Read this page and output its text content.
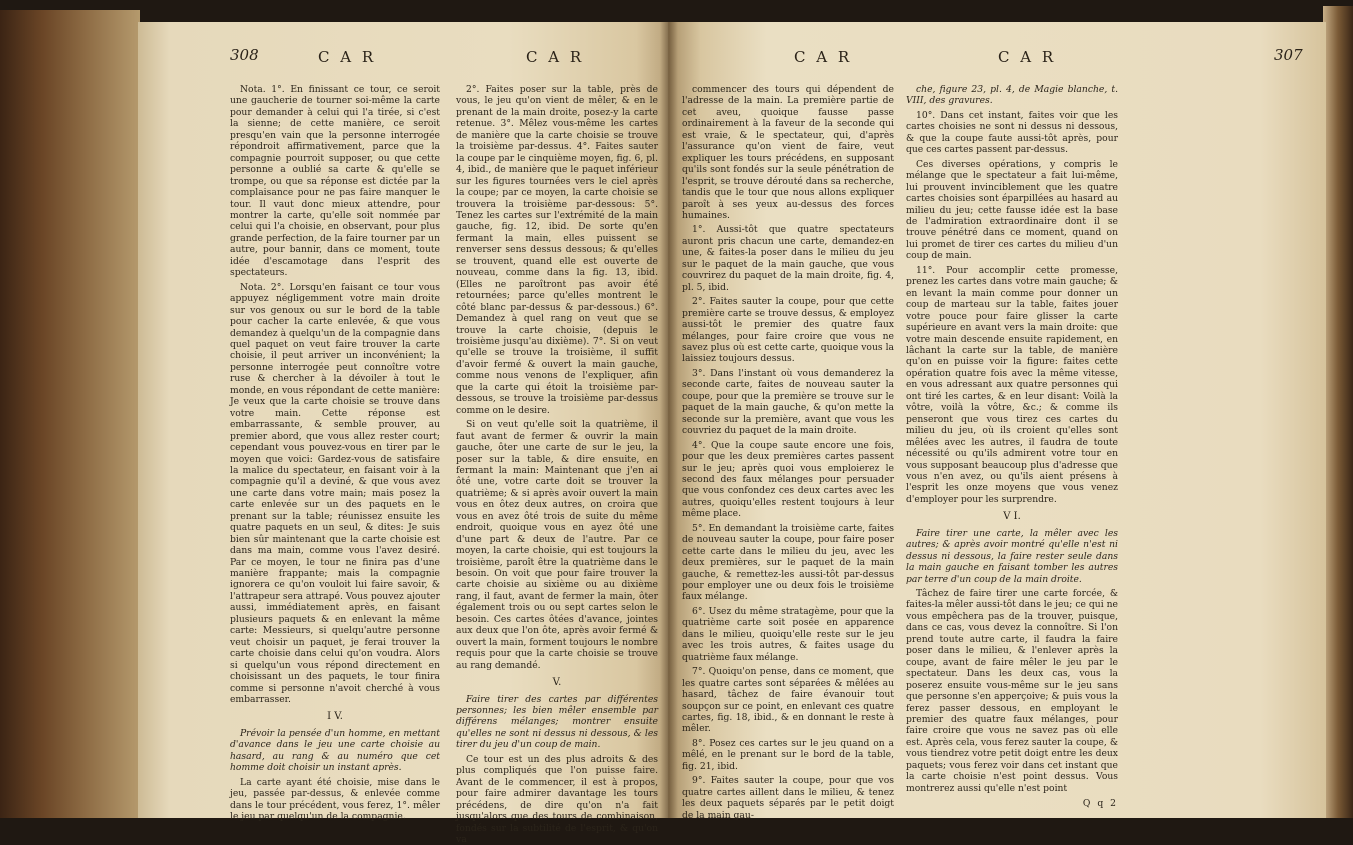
308	C A R	C A R

Nota. 1°. En finissant ce tour, ce seroit une gaucherie de tourner soi-même la carte pour demander à celui qui l'a tirée, si c'est la sienne; de cette manière, ce seroit presqu'en vain que la personne interrogée répondroit affirmativement, parce que la compagnie pourroit supposer, ou que cette personne a oublié sa carte & qu'elle se trompe, ou que sa réponse est dictée par la complaisance pour ne pas faire manquer le tour. Il vaut donc mieux attendre, pour montrer la carte, qu'elle soit nommée par celui qui l'a choisie, en observant, pour plus grande perfection, de la faire tourner par un autre, pour bannir, dans ce moment, toute idée d'escamotage dans l'esprit des spectateurs.

Nota. 2°. Lorsqu'en faisant ce tour vous appuyez négligemment votre main droite sur vos genoux ou sur le bord de la table pour cacher la carte enlevée, & que vous demandez à quelqu'un de la compagnie dans quel paquet on veut faire trouver la carte choisie, il peut arriver un inconvénient; la personne interrogée peut connoître votre ruse & chercher à la dévoiler à tout le monde, en vous répondant de cette manière: Je veux que la carte choisie se trouve dans votre main. Cette réponse est embarrassante, & semble prouver, au premier abord, que vous allez rester court; cependant vous pouvez-vous en tirer par le moyen que voici: Gardez-vous de satisfaire la malice du spectateur, en faisant voir à la compagnie qu'il a deviné, & que vous avez une carte dans votre main; mais posez la carte enlevée sur un des paquets en le prenant sur la table; réunissez ensuite les quatre paquets en un seul, & dites: Je suis bien sûr maintenant que la carte choisie est dans ma main, comme vous l'avez desiré. Par ce moyen, le tour ne finira pas d'une manière frappante; mais la compagnie ignorera ce qu'on vouloit lui faire savoir, & l'attrapeur sera attrapé. Vous pouvez ajouter aussi, immédiatement après, en faisant plusieurs paquets & en enlevant la même carte: Messieurs, si quelqu'autre personne veut choisir un paquet, je ferai trouver la carte choisie dans celui qu'on voudra. Alors si quelqu'un vous répond directement en choisissant un des paquets, le tour finira comme si personne n'avoit cherché à vous embarrasser.

I V.

Prévoir la pensée d'un homme, en mettant d'avance dans le jeu une carte choisie au hasard, au rang & au numéro que cet homme doit choisir un instant après.

La carte ayant été choisie, mise dans le jeu, passée par-dessus, & enlevée comme dans le tour précédent, vous ferez, 1°. mêler le jeu par quelqu'un de la compagnie.

2°. Faites poser sur la table, près de vous, le jeu qu'on vient de mêler, & en le prenant de la main droite, posez-y la carte retenue. 3°. Mêlez vous-même les cartes de manière que la carte choisie se trouve la troisième par-dessus. 4°. Faites sauter la coupe par le cinquième moyen, fig. 6, pl. 4, ibid., de manière que le paquet inférieur sur les figures tournées vers le ciel après la coupe; par ce moyen, la carte choisie se trouvera la troisième par-dessous: 5°. Tenez les cartes sur l'extrémité de la main gauche, fig. 12, ibid. De sorte qu'en fermant la main, elles puissent se renverser sens dessus dessous; & qu'elles se trouvent, quand elle est ouverte de nouveau, comme dans la fig. 13, ibid. (Elles ne paroîtront pas avoir été retournées; parce qu'elles montrent le côté blanc par-dessus & par-dessous.) 6°. Demandez à quel rang on veut que se trouve la carte choisie, (depuis le troisième jusqu'au dixième). 7°. Si on veut qu'elle se trouve la troisième, il suffit d'avoir fermé & ouvert la main gauche, comme nous venons de l'expliquer, afin que la carte qui étoit la troisième par-dessous, se trouve la troisième par-dessus comme on le desire.

Si on veut qu'elle soit la quatrième, il faut avant de fermer & ouvrir la main gauche, ôter une carte de sur le jeu, la poser sur la table, & dire ensuite, en fermant la main: Maintenant que j'en ai ôté une, votre carte doit se trouver la quatrième; & si après avoir ouvert la main vous en ôtez deux autres, on croira que vous en avez ôté trois de suite du même endroit, quoique vous en ayez ôté une d'une part & deux de l'autre. Par ce moyen, la carte choisie, qui est toujours la troisième, paroît être la quatrième dans le besoin. On voit que pour faire trouver la carte choisie au sixième ou au dixième rang, il faut, avant de fermer la main, ôter également trois ou ou sept cartes selon le besoin. Ces cartes ôtées d'avance, jointes aux deux que l'on ôte, après avoir fermé & ouvert la main, forment toujours le nombre requis pour que la carte choisie se trouve au rang demandé.

V.

Faire tirer des cartes par différentes personnes; les bien mêler ensemble par différens mélanges; montrer ensuite qu'elles ne sont ni dessus ni dessous, & les tirer du jeu d'un coup de main.

Ce tour est un des plus adroits & des plus compliqués que l'on puisse faire. Avant de le commencer, il est à propos, pour faire admirer davantage les tours précédens, de dire qu'on n'a fait jusqu'alors que des tours de combinaison, fondés sur la subtilité de l'esprit, & qu'on va

C A R	C A R	307

commencer des tours qui dépendent de l'adresse de la main. La première partie de cet aveu, quoique fausse passe ordinairement à la faveur de la seconde qui est vraie, & le spectateur, qui, d'après l'assurance qu'on vient de faire, veut expliquer les tours précédens, en supposant qu'ils sont fondés sur la seule pénétration de l'esprit, se trouve dérouté dans sa recherche, tandis que le tour que nous allons expliquer paroît à ses yeux au-dessus des forces humaines.

1°. Aussi-tôt que quatre spectateurs auront pris chacun une carte, demandez-en une, & faites-la poser dans le milieu du jeu sur le paquet de la main gauche, que vous couvrirez du paquet de la main droite, fig. 4, pl. 5, ibid.

2°. Faites sauter la coupe, pour que cette première carte se trouve dessus, & employez aussi-tôt le premier des quatre faux mélanges, pour faire croire que vous ne savez plus où est cette carte, quoique vous la laissiez toujours dessus.

3°. Dans l'instant où vous demanderez la seconde carte, faites de nouveau sauter la coupe, pour que la première se trouve sur le paquet de la main gauche, & qu'on mette la seconde sur la première, avant que vous les couvriez du paquet de la main droite.

4°. Que la coupe saute encore une fois, pour que les deux premières cartes passent sur le jeu; après quoi vous emploierez le second des faux mélanges pour persuader que vous confondez ces deux cartes avec les autres, quoiqu'elles restent toujours à leur même place.

5°. En demandant la troisième carte, faites de nouveau sauter la coupe, pour faire poser cette carte dans le milieu du jeu, avec les deux premières, sur le paquet de la main gauche, & remettez-les aussi-tôt par-dessus pour employer une ou deux fois le troisième faux mélange.

6°. Usez du même stratagème, pour que la quatrième carte soit posée en apparence dans le milieu, quoiqu'elle reste sur le jeu avec les trois autres, & faites usage du quatrième faux mélange.

7°. Quoiqu'on pense, dans ce moment, que les quatre cartes sont séparées & mêlées au hasard, tâchez de faire évanouir tout soupçon sur ce point, en enlevant ces quatre cartes, fig. 18, ibid., & en donnant le reste à mêler.

8°. Posez ces cartes sur le jeu quand on a mêlé, en le prenant sur le bord de la table, fig. 21, ibid.

9°. Faites sauter la coupe, pour que vos quatre cartes aillent dans le milieu, & tenez les deux paquets séparés par le petit doigt de la main gau-

che, figure 23, pl. 4, de Magie blanche, t. VIII, des gravures.

10°. Dans cet instant, faites voir que les cartes choisies ne sont ni dessus ni dessous, & que la coupe faute aussi-tôt après, pour que ces cartes passent par-dessus.

Ces diverses opérations, y compris le mélange que le spectateur a fait lui-même, lui prouvent invinciblement que les quatre cartes choisies sont éparpillées au hasard au milieu du jeu; cette fausse idée est la base de l'admiration extraordinaire dont il se trouve pénétré dans ce moment, quand on lui promet de tirer ces cartes du milieu d'un coup de main.

11°. Pour accomplir cette promesse, prenez les cartes dans votre main gauche; & en levant la main comme pour donner un coup de marteau sur la table, faites jouer votre pouce pour faire glisser la carte supérieure en avant vers la main droite: que votre main descende ensuite rapidement, en lâchant la carte sur la table, de manière qu'on en puisse voir la figure: faites cette opération quatre fois avec la même vitesse, en vous adressant aux quatre personnes qui ont tiré les cartes, & en leur disant: Voilà la vôtre, voilà la vôtre, &c.; & comme ils penseront que vous tirez ces cartes du milieu du jeu, où ils croient qu'elles sont mêlées avec les autres, il faudra de toute nécessité ou qu'ils admirent votre tour en vous supposant beaucoup plus d'adresse que vous n'en avez, ou qu'ils aient présens à l'esprit les onze moyens que vous venez d'employer pour les surprendre.

V I.

Faire tirer une carte, la mêler avec les autres; & après avoir montré qu'elle n'est ni dessus ni dessous, la faire rester seule dans la main gauche en faisant tomber les autres par terre d'un coup de la main droite.

Tâchez de faire tirer une carte forcée, & faites-la mêler aussi-tôt dans le jeu; ce qui ne vous empêchera pas de la trouver, puisque, dans ce cas, vous devez la connoître. Si l'on prend toute autre carte, il faudra la faire poser dans le milieu, & l'enlever après la coupe, avant de faire mêler le jeu par le spectateur. Dans les deux cas, vous la poserez ensuite vous-même sur le jeu sans que personne s'en apperçoive; & puis vous la ferez passer dessous, en employant le premier des quatre faux mélanges, pour faire croire que vous ne savez pas où elle est. Après cela, vous ferez sauter la coupe, & vous tiendrez votre petit doigt entre les deux paquets; vous ferez voir dans cet instant que la carte choisie n'est point dessus. Vous montrerez aussi qu'elle n'est point

Q q 2
